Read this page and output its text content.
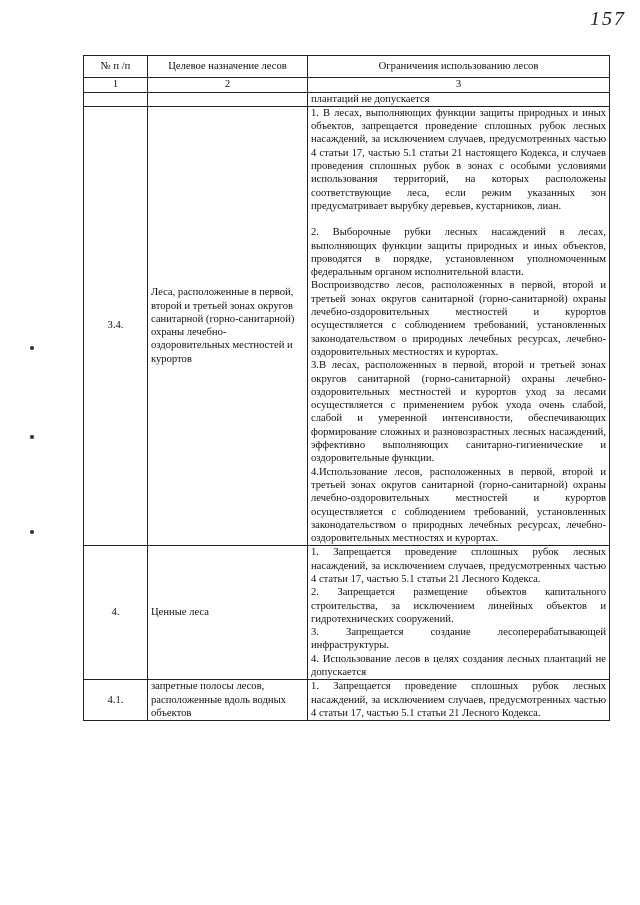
157
№ п /п	Целевое назначение лесов	Ограничения использованию лесов
1	2	3
		плантаций не допускается
3.4.	Леса, расположенные в первой, второй и третьей зонах округов санитарной (горно-санитарной) охраны лечебно-оздоровительных местностей и курортов	1. В лесах, выполняющих функции защиты природных и иных объектов, запрещается проведение сплошных рубок лесных насаждений, за исключением случаев, предусмотренных частью 4 статьи 17, частью 5.1 статьи 21 настоящего Кодекса, и случаев проведения сплошных рубок в зонах с особыми условиями использования территорий, на которых расположены соответствующие леса, если режим указанных зон предусматривает вырубку деревьев, кустарников, лиан.

2. Выборочные рубки лесных насаждений в лесах, выполняющих функции защиты природных и иных объектов, проводятся в порядке, установленном уполномоченным федеральным органом исполнительной власти.

Воспроизводство лесов, расположенных в первой, второй и третьей зонах округов санитарной (горно-санитарной) охраны лечебно-оздоровительных местностей и курортов осуществляется с соблюдением требований, установленных законодательством о природных лечебных ресурсах, лечебно-оздоровительных местностях и курортах.

3.В лесах, расположенных в первой, второй и третьей зонах округов санитарной (горно-санитарной) охраны лечебно-оздоровительных местностей и курортов уход за лесами осуществляется с применением рубок ухода очень слабой, слабой и умеренной интенсивности, обеспечивающих формирование сложных и разновозрастных лесных насаждений, эффективно выполняющих санитарно-гигиенические и оздоровительные функции.

4.Использование лесов, расположенных в первой, второй и третьей зонах округов санитарной (горно-санитарной) охраны лечебно-оздоровительных местностей и курортов осуществляется с соблюдением требований, установленных законодательством о природных лечебных ресурсах, лечебно-оздоровительных местностях и курортах.

4.	Ценные леса	1. Запрещается проведение сплошных рубок лесных насаждений, за исключением случаев, предусмотренных частью 4 статьи 17, частью 5.1 статьи 21 Лесного Кодекса.

2. Запрещается размещение объектов капитального строительства, за исключением линейных объектов и гидротехнических сооружений.

3. Запрещается создание лесоперерабатывающей инфраструктуры.

4. Использование лесов в целях создания лесных плантаций не допускается

4.1.	запретные полосы лесов, расположенные вдоль водных объектов	1. Запрещается проведение сплошных рубок лесных насаждений, за исключением случаев, предусмотренных частью 4 статьи 17, частью 5.1 статьи 21 Лесного Кодекса.
